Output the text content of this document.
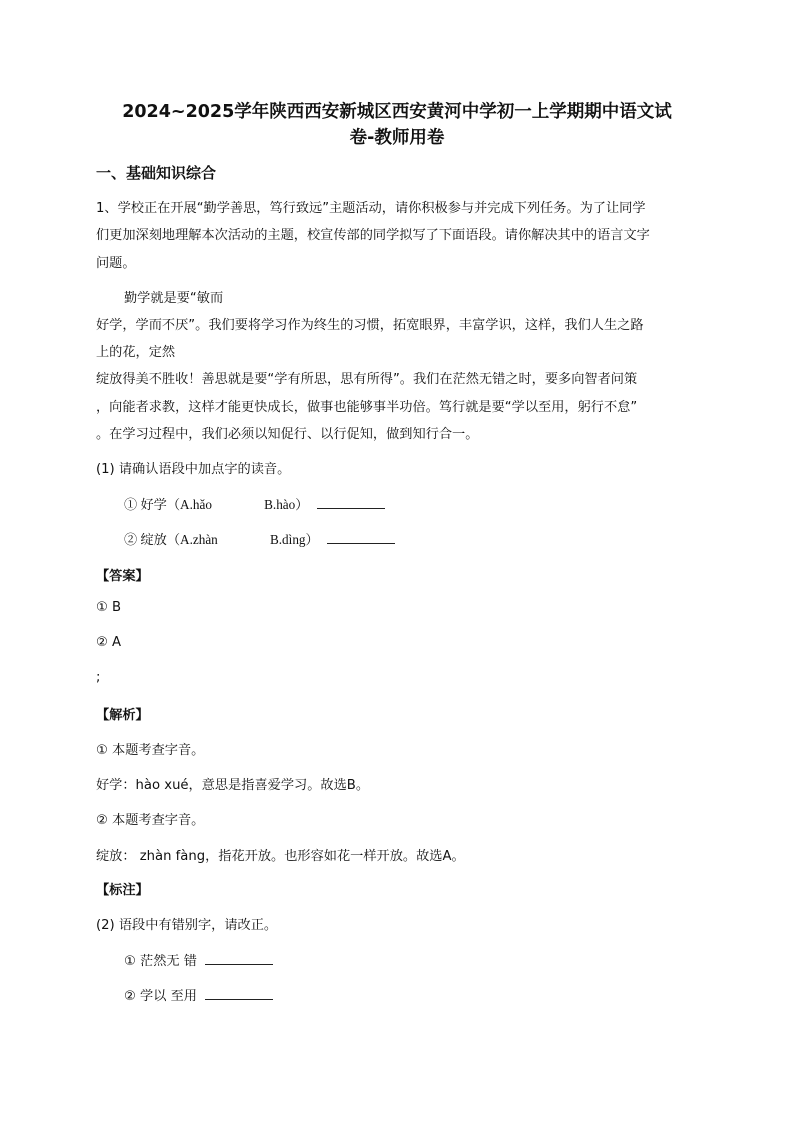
2024~2025学年陕西西安新城区西安黄河中学初一上学期期中语文试
卷-教师用卷
一、基础知识综合
1、学校正在开展“勤学善思，笃行致远”主题活动，请你积极参与并完成下列任务。为了让同学
们更加深刻地理解本次活动的主题，校宣传部的同学拟写了下面语段。请你解决其中的语言文字
问题。
勤学就是要“敏而
好学，学而不厌”。我们要将学习作为终生的习惯，拓宽眼界，丰富学识，这样，我们人生之路
上的花，定然
绽放得美不胜收！善思就是要“学有所思，思有所得”。我们在茫然无错之时，要多向智者问策
，向能者求教，这样才能更快成长，做事也能够事半功倍。笃行就是要“学以至用，躬行不怠”
。在学习过程中，我们必须以知促行、以行促知，做到知行合一。
(1) 请确认语段中加点字的读音。
① 好学（A.hǎo	B.hào）
② 绽放（A.zhàn	B.dìng）
【答案】
① B
② A
;
【解析】
① 本题考查字音。
好学：hào xué，意思是指喜爱学习。故选B。
② 本题考查字音。
绽放： zhàn fàng，指花开放。也形容如花一样开放。故选A。
【标注】
(2) 语段中有错别字，请改正。
① 茫然无 错
② 学以 至用
